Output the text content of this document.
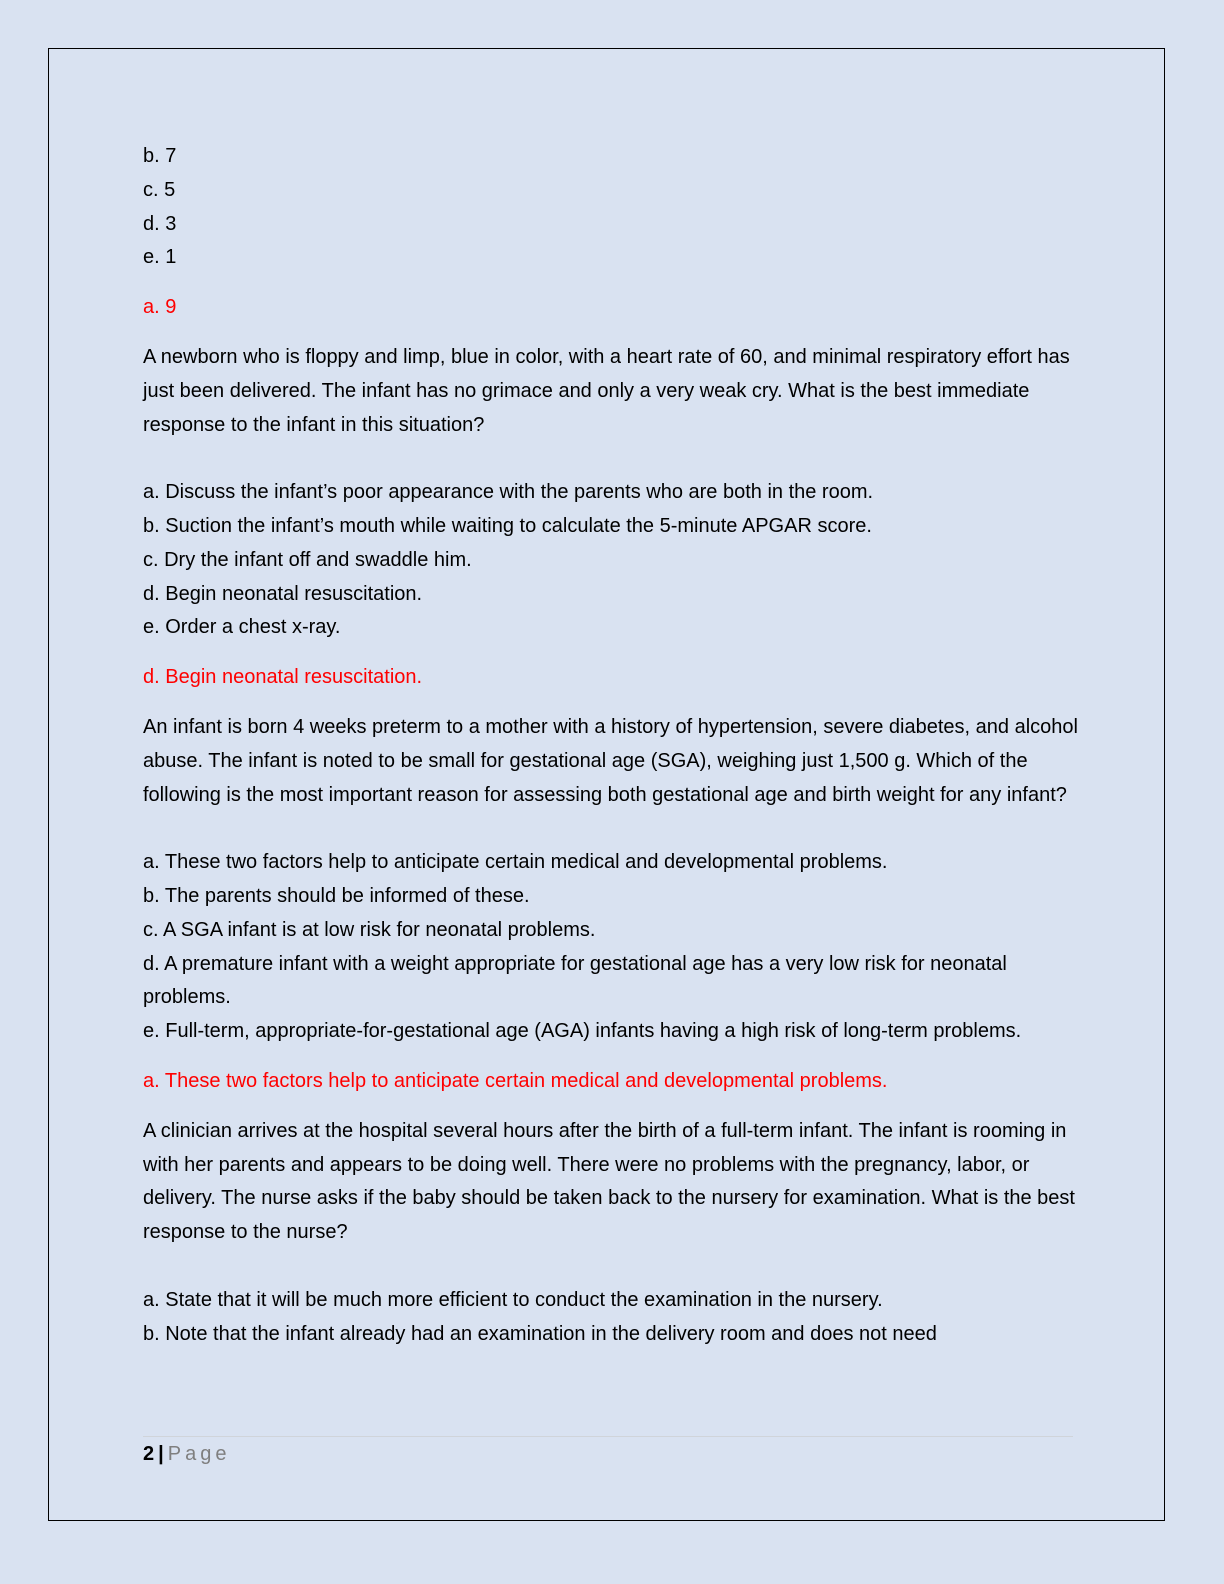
b. 7

c. 5

d. 3

e. 1

a. 9

A newborn who is floppy and limp, blue in color, with a heart rate of 60, and minimal respiratory effort has just been delivered. The infant has no grimace and only a very weak cry. What is the best immediate response to the infant in this situation?

a. Discuss the infant’s poor appearance with the parents who are both in the room.

b. Suction the infant’s mouth while waiting to calculate the 5-minute APGAR score.

c. Dry the infant off and swaddle him.

d. Begin neonatal resuscitation.

e. Order a chest x-ray.

d. Begin neonatal resuscitation.

An infant is born 4 weeks preterm to a mother with a history of hypertension, severe diabetes, and alcohol abuse. The infant is noted to be small for gestational age (SGA), weighing just 1,500 g. Which of the following is the most important reason for assessing both gestational age and birth weight for any infant?

a. These two factors help to anticipate certain medical and developmental problems.

b. The parents should be informed of these.

c. A SGA infant is at low risk for neonatal problems.

d. A premature infant with a weight appropriate for gestational age has a very low risk for neonatal problems.

e. Full-term, appropriate-for-gestational age (AGA) infants having a high risk of long-term problems.

a. These two factors help to anticipate certain medical and developmental problems.

A clinician arrives at the hospital several hours after the birth of a full-term infant. The infant is rooming in with her parents and appears to be doing well. There were no problems with the pregnancy, labor, or delivery. The nurse asks if the baby should be taken back to the nursery for examination. What is the best response to the nurse?

a. State that it will be much more efficient to conduct the examination in the nursery.

b. Note that the infant already had an examination in the delivery room and does not need

2 | Page
